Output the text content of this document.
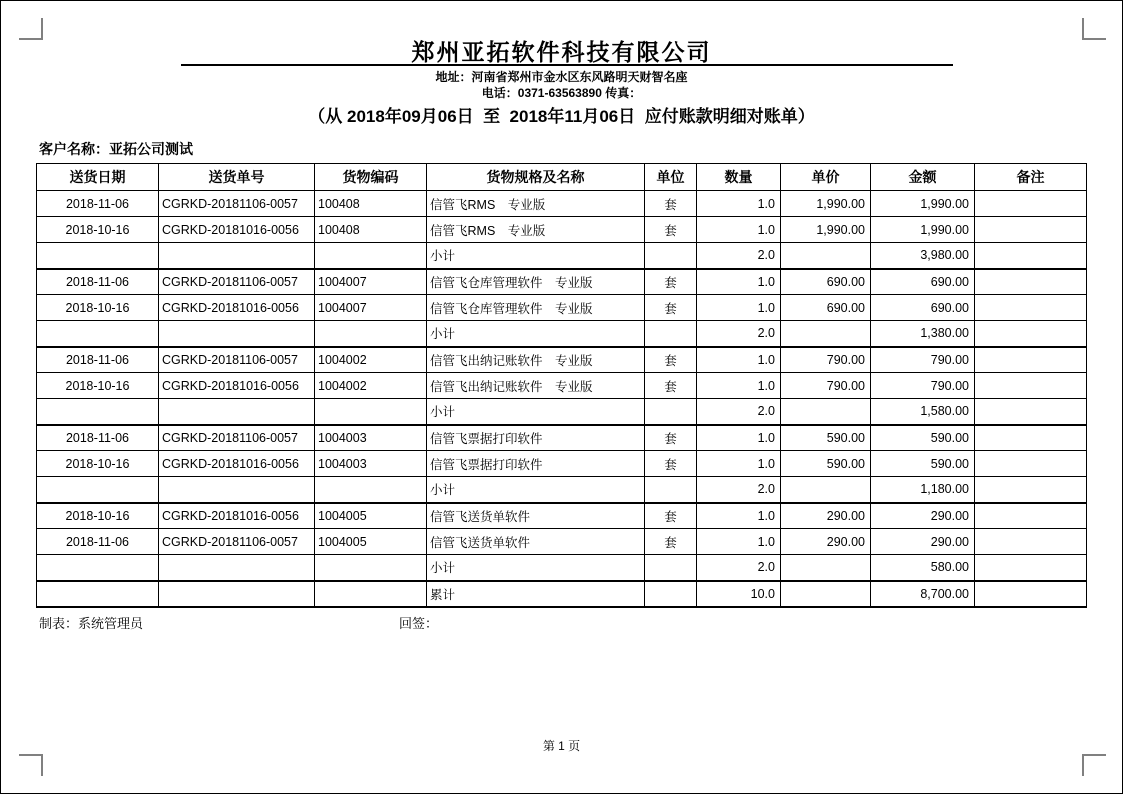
郑州亚拓软件科技有限公司
地址：河南省郑州市金水区东风路明天财智名座
电话：0371-63563890 传真：
（从 2018年09月06日  至  2018年11月06日  应付账款明细对账单）
客户名称：亚拓公司测试
送货日期	送货单号	货物编码	货物规格及名称	单位	数量	单价	金额	备注
2018-11-06	CGRKD-20181106-0057	100408	信管飞RMS　专业版	套	1.0	1,990.00	1,990.00	
2018-10-16	CGRKD-20181016-0056	100408	信管飞RMS　专业版	套	1.0	1,990.00	1,990.00	
			小计		2.0		3,980.00	
2018-11-06	CGRKD-20181106-0057	1004007	信管飞仓库管理软件　专业版	套	1.0	690.00	690.00	
2018-10-16	CGRKD-20181016-0056	1004007	信管飞仓库管理软件　专业版	套	1.0	690.00	690.00	
			小计		2.0		1,380.00	
2018-11-06	CGRKD-20181106-0057	1004002	信管飞出纳记账软件　专业版	套	1.0	790.00	790.00	
2018-10-16	CGRKD-20181016-0056	1004002	信管飞出纳记账软件　专业版	套	1.0	790.00	790.00	
			小计		2.0		1,580.00	
2018-11-06	CGRKD-20181106-0057	1004003	信管飞票据打印软件	套	1.0	590.00	590.00	
2018-10-16	CGRKD-20181016-0056	1004003	信管飞票据打印软件	套	1.0	590.00	590.00	
			小计		2.0		1,180.00	
2018-10-16	CGRKD-20181016-0056	1004005	信管飞送货单软件	套	1.0	290.00	290.00	
2018-11-06	CGRKD-20181106-0057	1004005	信管飞送货单软件	套	1.0	290.00	290.00	
			小计		2.0		580.00	
			累计		10.0		8,700.00	
制表：系统管理员	回签：
第 1 页
